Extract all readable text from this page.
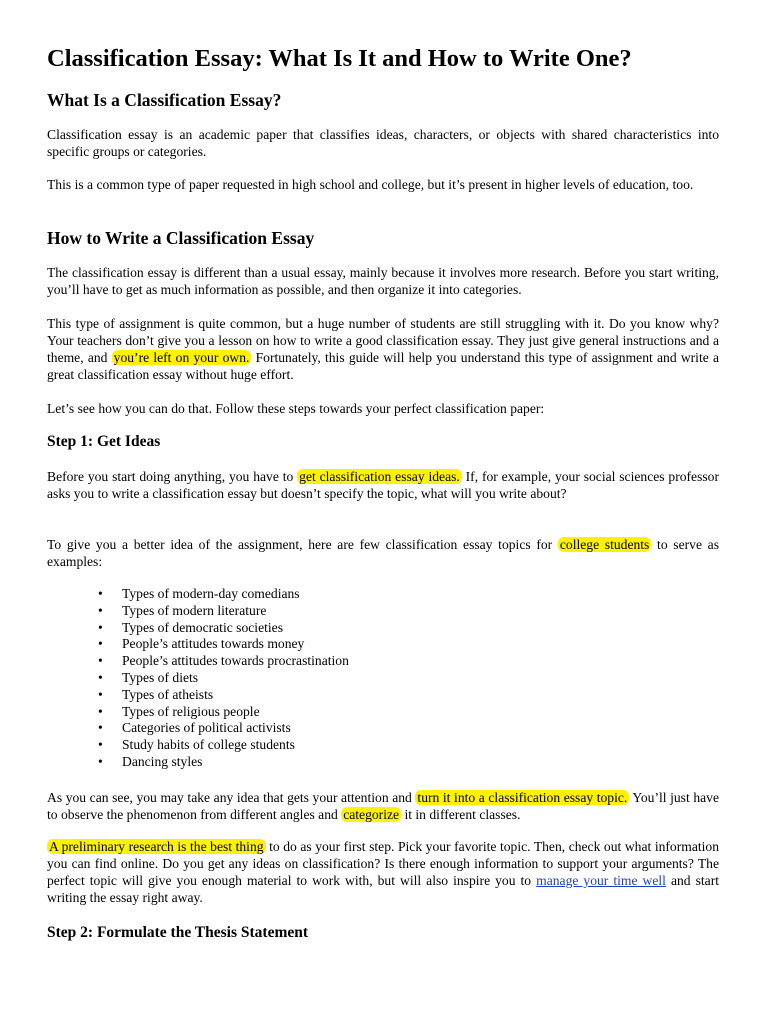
Classification Essay: What Is It and How to Write One?
What Is a Classification Essay?

Classification essay is an academic paper that classifies ideas, characters, or objects with shared characteristics into specific groups or categories.

This is a common type of paper requested in high school and college, but it’s present in higher levels of education, too.

How to Write a Classification Essay

The classification essay is different than a usual essay, mainly because it involves more research. Before you start writing, you’ll have to get as much information as possible, and then organize it into categories.

This type of assignment is quite common, but a huge number of students are still struggling with it. Do you know why? Your teachers don’t give you a lesson on how to write a good classification essay. They just give general instructions and a theme, and you’re left on your own. Fortunately, this guide will help you understand this type of assignment and write a great classification essay without huge effort.

Let’s see how you can do that. Follow these steps towards your perfect classification paper:

Step 1: Get Ideas

Before you start doing anything, you have to get classification essay ideas. If, for example, your social sciences professor asks you to write a classification essay but doesn’t specify the topic, what will you write about?

To give you a better idea of the assignment, here are few classification essay topics for college students to serve as examples:

• Types of modern-day comedians
• Types of modern literature
• Types of democratic societies
• People’s attitudes towards money
• People’s attitudes towards procrastination
• Types of diets
• Types of atheists
• Types of religious people
• Categories of political activists
• Study habits of college students
• Dancing styles

As you can see, you may take any idea that gets your attention and turn it into a classification essay topic. You’ll just have to observe the phenomenon from different angles and categorize it in different classes.

A preliminary research is the best thing to do as your first step. Pick your favorite topic. Then, check out what information you can find online. Do you get any ideas on classification? Is there enough information to support your arguments? The perfect topic will give you enough material to work with, but will also inspire you to manage your time well and start writing the essay right away.

Step 2: Formulate the Thesis Statement
